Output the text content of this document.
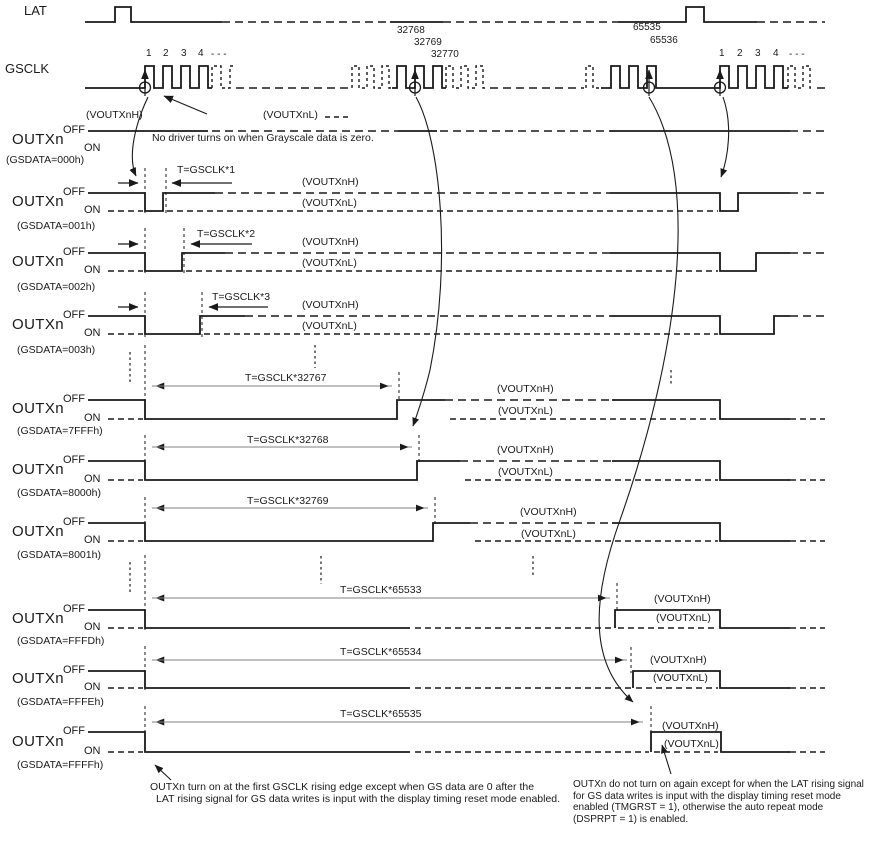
LAT
GSCLK
1 2 3 4 - - -
32768
32769
32770
65535
65536
1 2 3 4 - - -
OUTXn
OFF
ON
(GSDATA=000h)
(VOUTXnH)	(VOUTXnL)
No driver turns on when Grayscale data is zero.
OUTXn
OFF
ON
(GSDATA=001h)
T=GSCLK*1
(VOUTXnH)
(VOUTXnL)
OUTXn
OFF
ON
(GSDATA=002h)
T=GSCLK*2
(VOUTXnH)
(VOUTXnL)
OUTXn
OFF
ON
(GSDATA=003h)
T=GSCLK*3
(VOUTXnH)
(VOUTXnL)
OUTXn
OFF
ON
(GSDATA=7FFFh)
T=GSCLK*32767
(VOUTXnH)
(VOUTXnL)
OUTXn
OFF
ON
(GSDATA=8000h)
T=GSCLK*32768
(VOUTXnH)
(VOUTXnL)
OUTXn
OFF
ON
(GSDATA=8001h)
T=GSCLK*32769
(VOUTXnH)
(VOUTXnL)
OUTXn
OFF
ON
(GSDATA=FFFDh)
T=GSCLK*65533
(VOUTXnH)
(VOUTXnL)
OUTXn
OFF
ON
(GSDATA=FFFEh)
T=GSCLK*65534
(VOUTXnH)
(VOUTXnL)
OUTXn
OFF
ON
(GSDATA=FFFFh)
T=GSCLK*65535
(VOUTXnH)
(VOUTXnL)
OUTXn turn on at the first GSCLK rising edge except when GS data are 0 after the
LAT rising signal for GS data writes is input with the display timing reset mode enabled.
OUTXn do not turn on again except for when the LAT rising signal
for GS data writes is input with the display timing reset mode
enabled (TMGRST = 1), otherwise the auto repeat mode
(DSPRPT = 1) is enabled.
